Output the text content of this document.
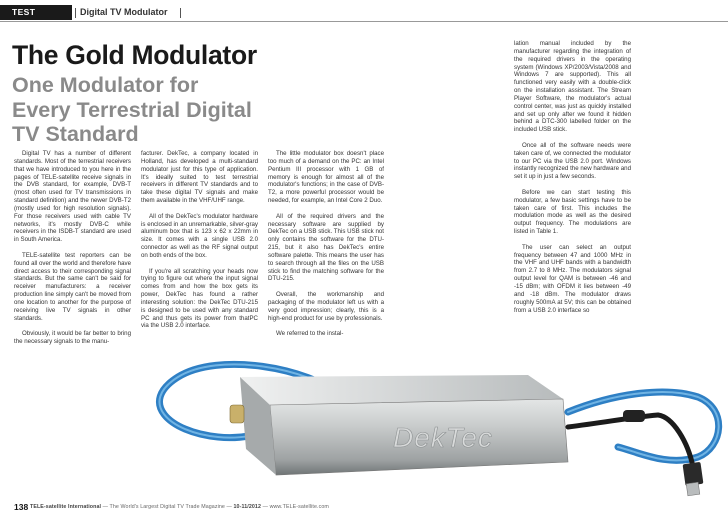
TEST REPORT
Digital TV Modulator
The Gold Modulator
One Modulator for
Every Terrestrial Digital
TV Standard

Digital TV has a number of different standards. Most of the terrestrial receivers that we have introduced to you here in the pages of TELE-satellite receive signals in the DVB standard, for example, DVB-T (most often used for TV transmissions in standard definition) and the newer DVB-T2 (mostly used for high resolution signals). For those receivers used with cable TV networks, it's mostly DVB-C while receivers in the ISDB-T standard are used in South America.

TELE-satellite test reporters can be found all over the world and therefore have direct access to their corresponding signal standards. But the same can't be said for receiver manufacturers: a receiver production line simply can't be moved from one location to another for the purpose of receiving live TV signals in other standards.

Obviously, it would be far better to bring the necessary signals to the manu-

facturer. DekTec, a company located in Holland, has developed a multi-standard modulator just for this type of application. It's ideally suited to test terrestrial receivers in different TV standards and to take these digital TV signals and make them available in the VHF/UHF range.

All of the DekTec's modulator hardware is enclosed in an unremarkable, silver-gray aluminum box that is 123 x 62 x 22mm in size. It comes with a single USB 2.0 connector as well as the RF signal output on both ends of the box.

If you're all scratching your heads now trying to figure out where the input signal comes from and how the box gets its power, DekTec has found a rather interesting solution: the DekTec DTU-215 is designed to be used with any standard PC and thus gets its power from thatPC via the USB 2.0 interface.

The little modulator box doesn't place too much of a demand on the PC: an Intel Pentium III processor with 1 GB of memory is enough for almost all of the modulator's functions; in the case of DVB-T2, a more powerful processor would be needed, for example, an Intel Core 2 Duo.

All of the required drivers and the necessary software are supplied by DekTec on a USB stick. This USB stick not only contains the software for the DTU-215, but it also has DekTec's entire software palette. This means the user has to search through all the files on the USB stick to find the matching software for the DTU-215.

Overall, the workmanship and packaging of the modulator left us with a very good impression; clearly, this is a high-end product for use by professionals.

We referred to the instal-

lation manual included by the manufacturer regarding the integration of the required drivers in the operating system (Windows XP/2003/Vista/2008 and Windows 7 are supported). This all functioned very easily with a double-click on the installation assistant. The Stream Player Software, the modulator's actual control center, was just as quickly installed and set up only after we found it hidden behind a DTC-300 labelled folder on the included USB stick.

Once all of the software needs were taken care of, we connected the modulator to our PC via the USB 2.0 port. Windows instantly recognized the new hardware and set it up in just a few seconds.

Before we can start testing this modulator, a few basic settings have to be taken care of first. This includes the modulation mode as well as the desired output frequency. The modulations are listed in Table 1.

The user can select an output frequency between 47 and 1000 MHz in the VHF and UHF bands with a bandwidth from 2.7 to 8 MHz. The modulators signal output level for QAM is between -46 and -15 dBm; with OFDM it lies between -49 and -18 dBm. The modulator draws roughly 500mA at 5V; this can be obtained from a USB 2.0 interface so

DekTec
138 TELE-satellite International — The World's Largest Digital TV Trade Magazine — 10-11/2012 — www.TELE-satellite.com
